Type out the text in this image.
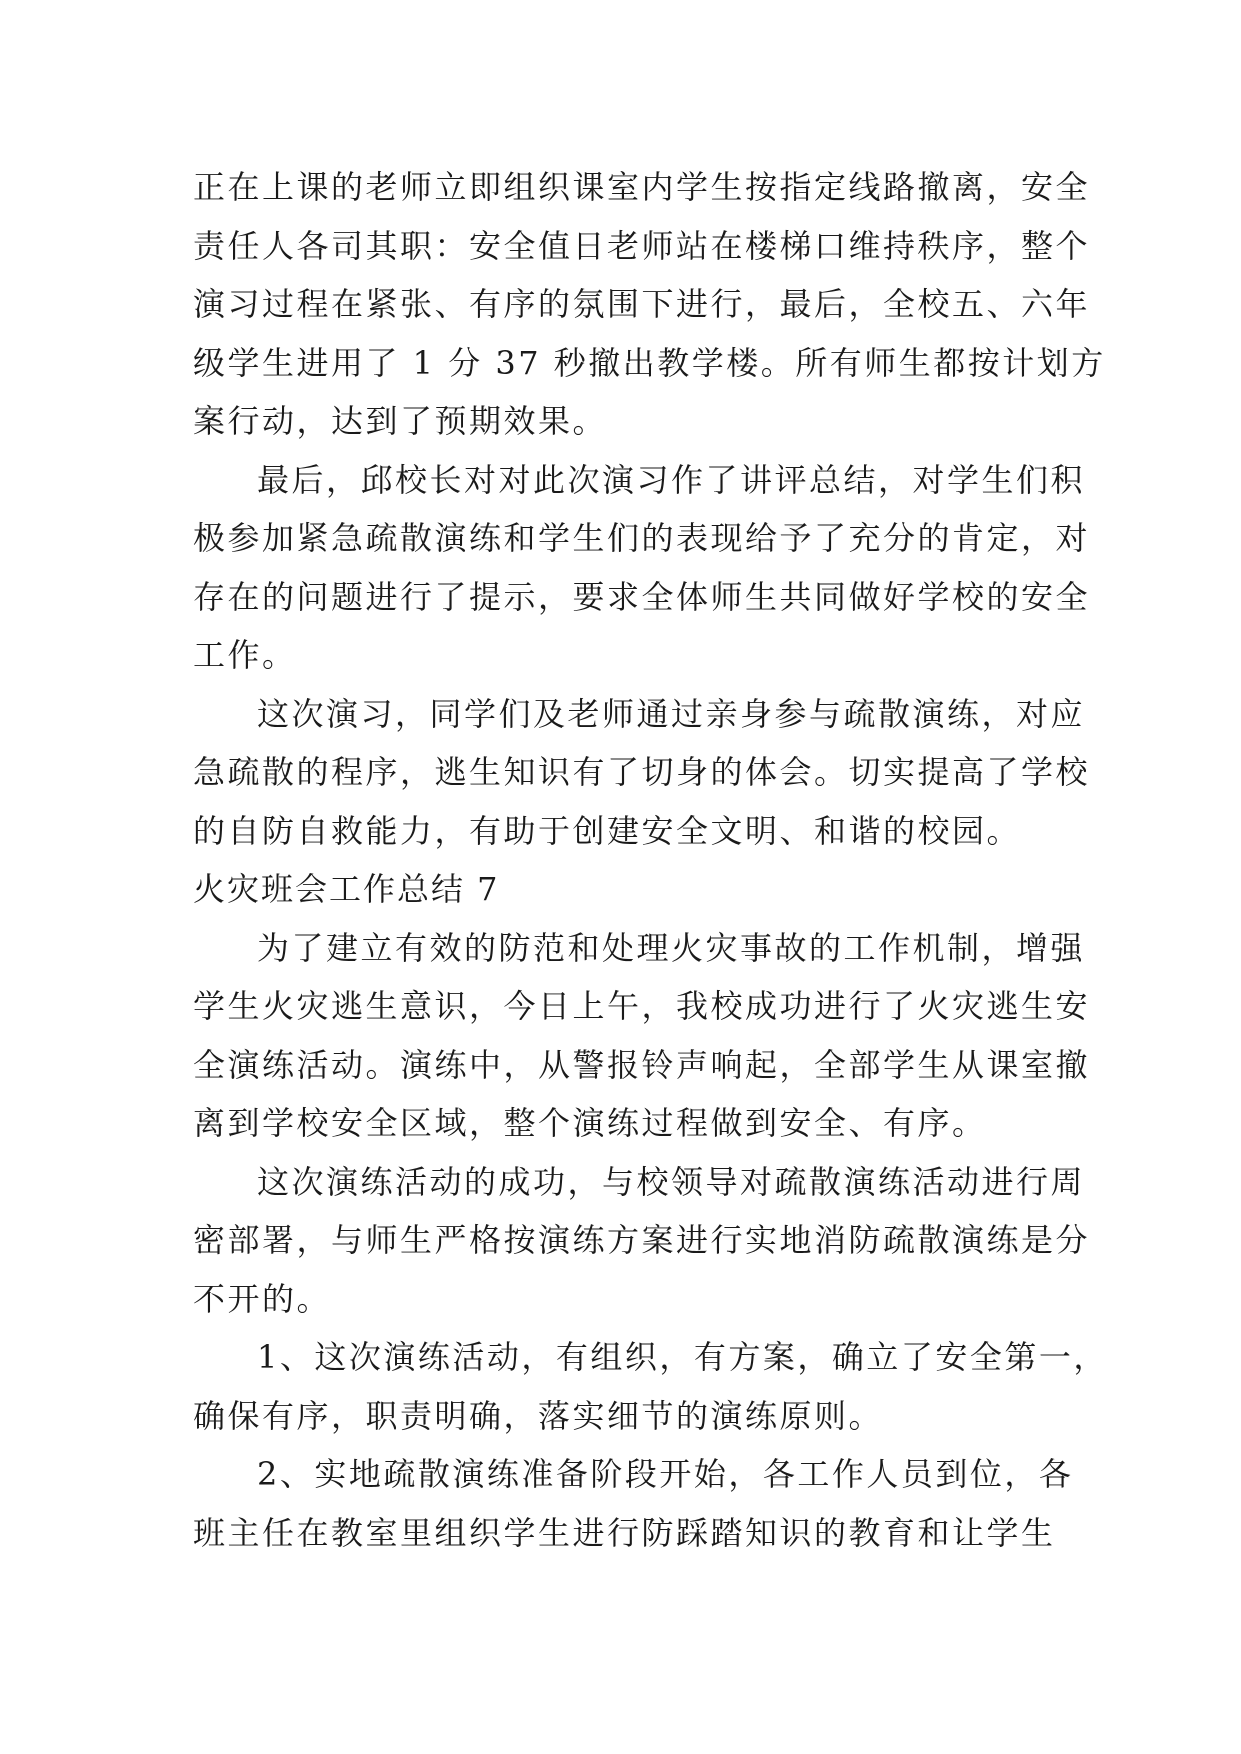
正在上课的老师立即组织课室内学生按指定线路撤离，安全
责任人各司其职：安全值日老师站在楼梯口维持秩序，整个
演习过程在紧张、有序的氛围下进行，最后，全校五、六年
级学生进用了 1 分 37 秒撤出教学楼。所有师生都按计划方
案行动，达到了预期效果。
最后，邱校长对对此次演习作了讲评总结，对学生们积
极参加紧急疏散演练和学生们的表现给予了充分的肯定，对
存在的问题进行了提示，要求全体师生共同做好学校的安全
工作。
这次演习，同学们及老师通过亲身参与疏散演练，对应
急疏散的程序，逃生知识有了切身的体会。切实提高了学校
的自防自救能力，有助于创建安全文明、和谐的校园。
火灾班会工作总结 7
为了建立有效的防范和处理火灾事故的工作机制，增强
学生火灾逃生意识，今日上午，我校成功进行了火灾逃生安
全演练活动。演练中，从警报铃声响起，全部学生从课室撤
离到学校安全区域，整个演练过程做到安全、有序。
这次演练活动的成功，与校领导对疏散演练活动进行周
密部署，与师生严格按演练方案进行实地消防疏散演练是分
不开的。
1、这次演练活动，有组织，有方案，确立了安全第一，
确保有序，职责明确，落实细节的演练原则。
2、实地疏散演练准备阶段开始，各工作人员到位，各
班主任在教室里组织学生进行防踩踏知识的教育和让学生
